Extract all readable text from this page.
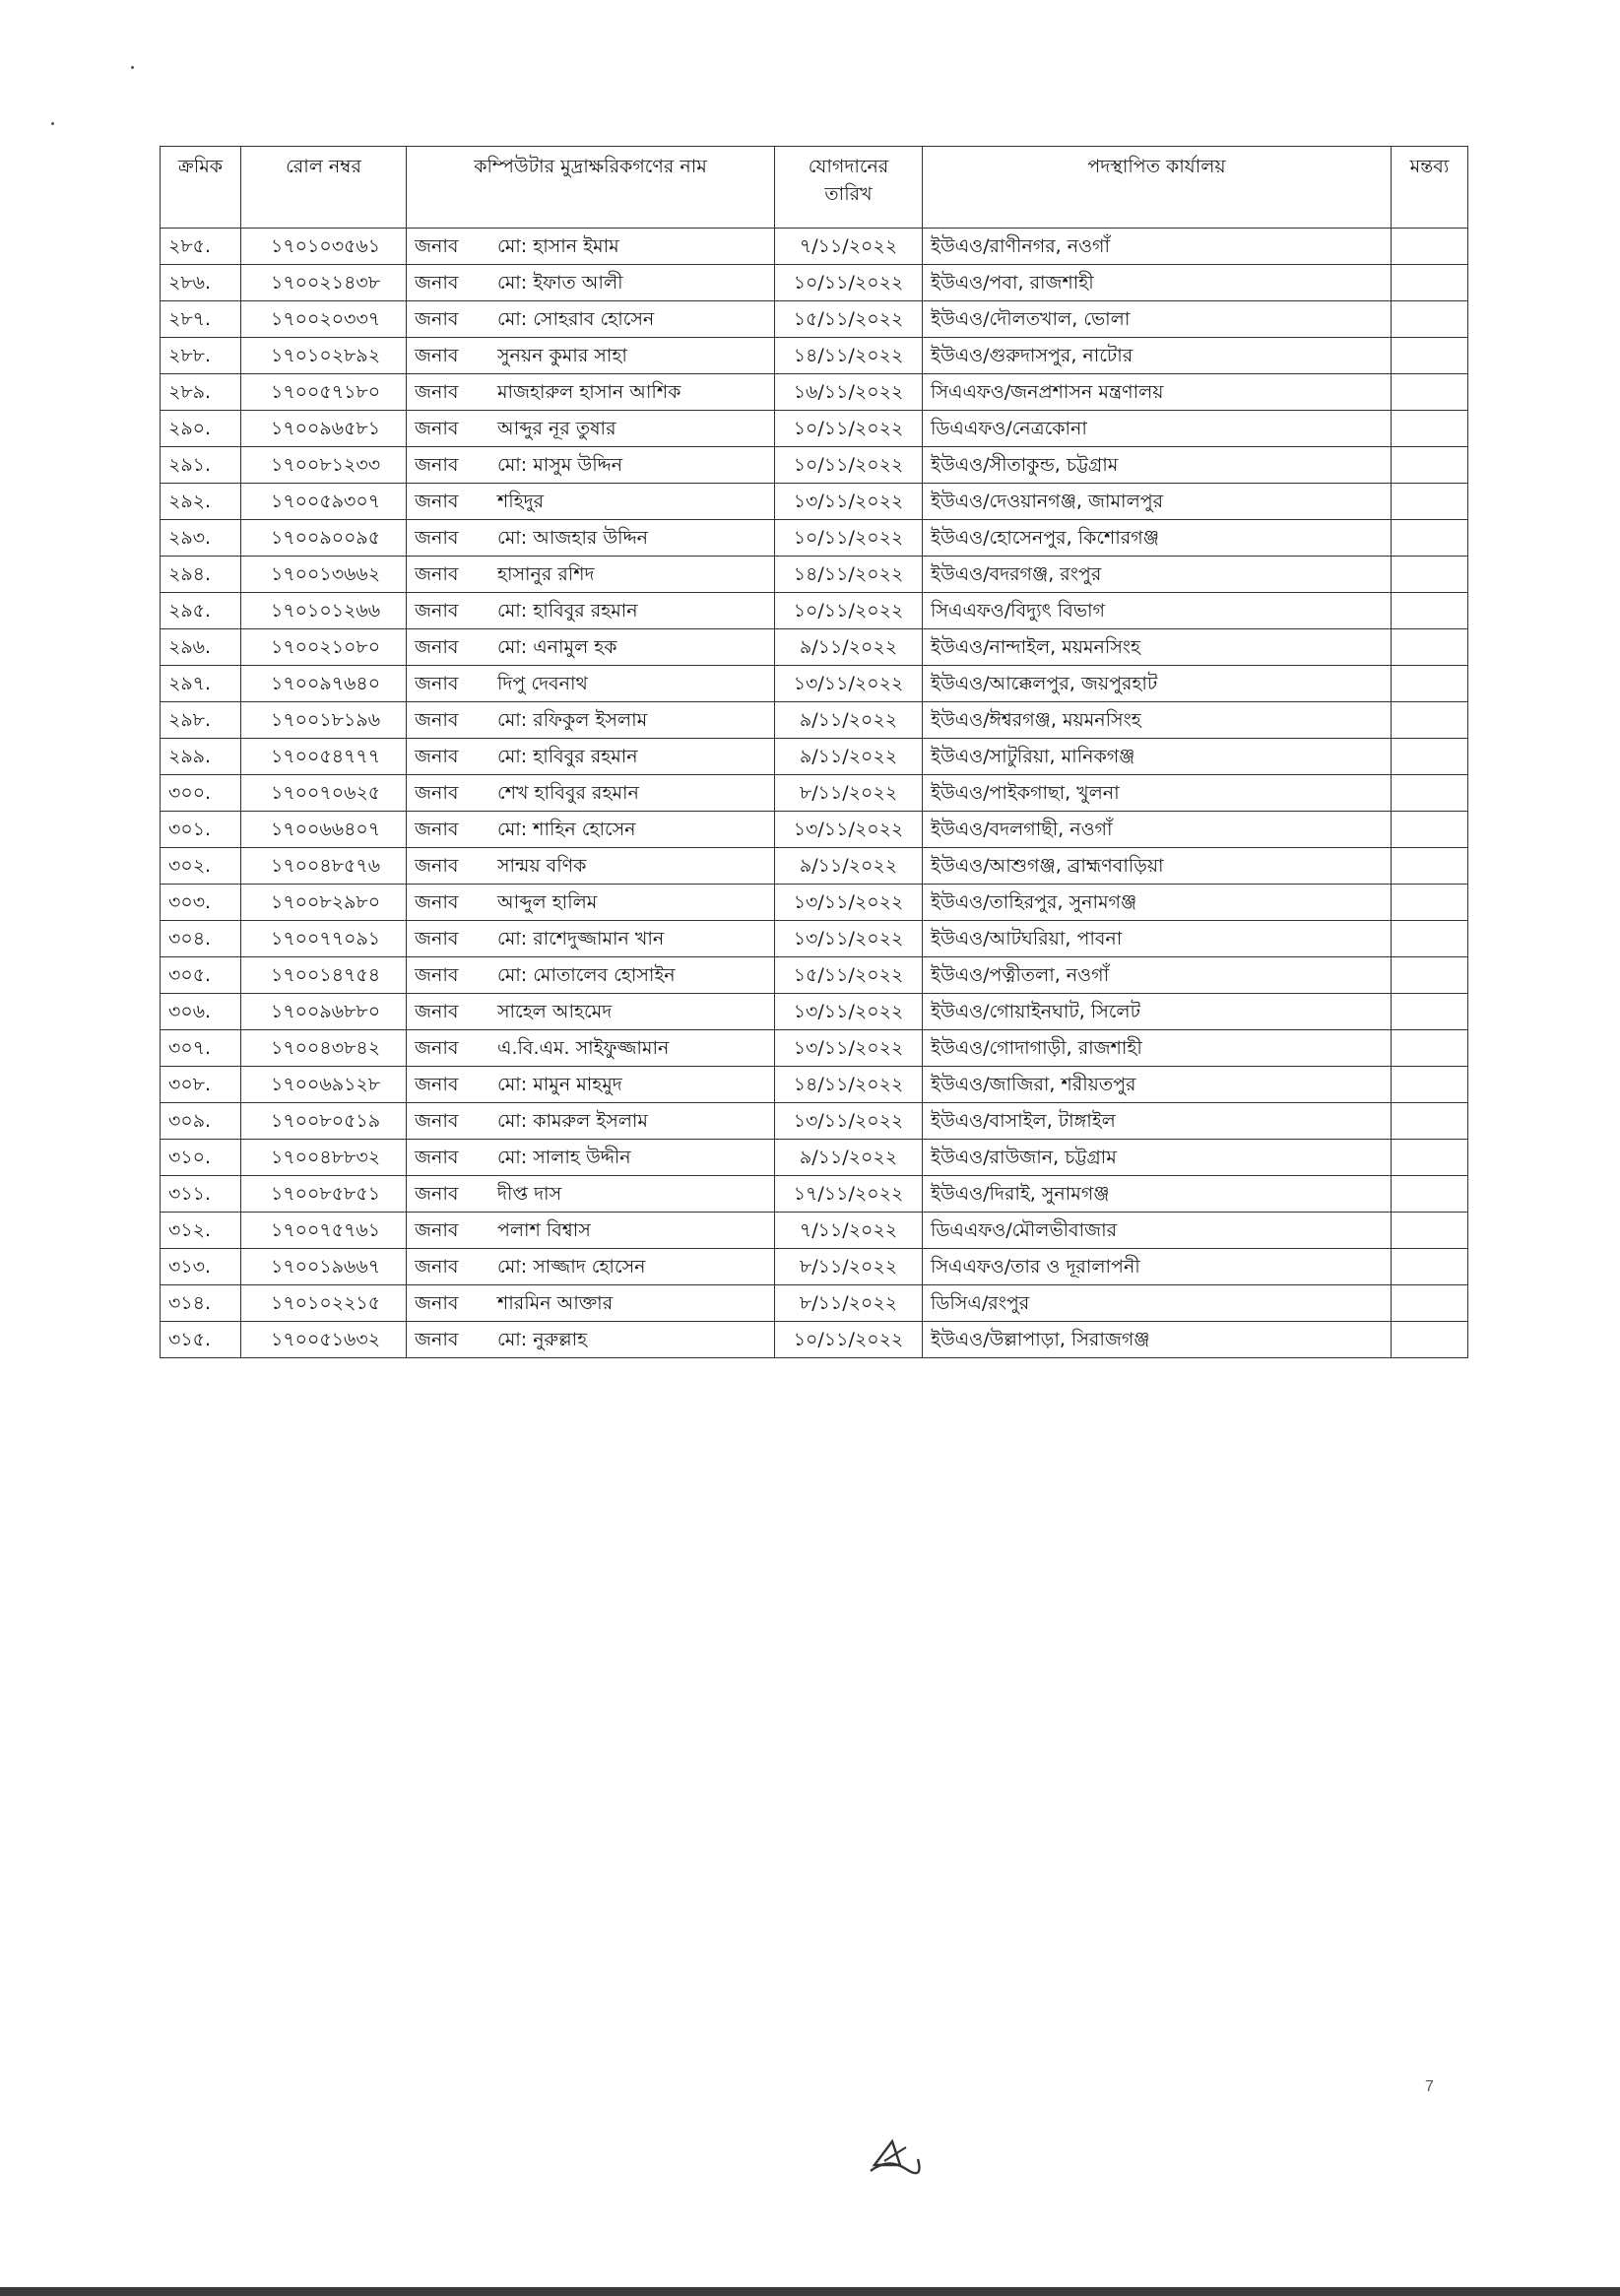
ক্রমিক	রোল নম্বর	কম্পিউটার মুদ্রাক্ষরিকগণের নাম	যোগদানের তারিখ	পদস্থাপিত কার্যালয়	মন্তব্য
২৮৫.	১৭০১০৩৫৬১	জনাব মো: হাসান ইমাম	৭/১১/২০২২	ইউএও/রাণীনগর, নওগাঁ	
২৮৬.	১৭০০২১৪৩৮	জনাব মো: ইফাত আলী	১০/১১/২০২২	ইউএও/পবা, রাজশাহী	
২৮৭.	১৭০০২০৩৩৭	জনাব মো: সোহরাব হোসেন	১৫/১১/২০২২	ইউএও/দৌলতখাল, ভোলা	
২৮৮.	১৭০১০২৮৯২	জনাব সুনয়ন কুমার সাহা	১৪/১১/২০২২	ইউএও/গুরুদাসপুর, নাটোর	
২৮৯.	১৭০০৫৭১৮০	জনাব মাজহারুল হাসান আশিক	১৬/১১/২০২২	সিএএফও/জনপ্রশাসন মন্ত্রণালয়	
২৯০.	১৭০০৯৬৫৮১	জনাব আব্দুর নূর তুষার	১০/১১/২০২২	ডিএএফও/নেত্রকোনা	
২৯১.	১৭০০৮১২৩৩	জনাব মো: মাসুম উদ্দিন	১০/১১/২০২২	ইউএও/সীতাকুন্ড, চট্টগ্রাম	
২৯২.	১৭০০৫৯৩০৭	জনাব শহিদুর	১৩/১১/২০২২	ইউএও/দেওয়ানগঞ্জ, জামালপুর	
২৯৩.	১৭০০৯০০৯৫	জনাব মো: আজহার উদ্দিন	১০/১১/২০২২	ইউএও/হোসেনপুর, কিশোরগঞ্জ	
২৯৪.	১৭০০১৩৬৬২	জনাব হাসানুর রশিদ	১৪/১১/২০২২	ইউএও/বদরগঞ্জ, রংপুর	
২৯৫.	১৭০১০১২৬৬	জনাব মো: হাবিবুর রহমান	১০/১১/২০২২	সিএএফও/বিদ্যুৎ বিভাগ	
২৯৬.	১৭০০২১০৮০	জনাব মো: এনামুল হক	৯/১১/২০২২	ইউএও/নান্দাইল, ময়মনসিংহ	
২৯৭.	১৭০০৯৭৬৪০	জনাব দিপু দেবনাথ	১৩/১১/২০২২	ইউএও/আক্কেলপুর, জয়পুরহাট	
২৯৮.	১৭০০১৮১৯৬	জনাব মো: রফিকুল ইসলাম	৯/১১/২০২২	ইউএও/ঈশ্বরগঞ্জ, ময়মনসিংহ	
২৯৯.	১৭০০৫৪৭৭৭	জনাব মো: হাবিবুর রহমান	৯/১১/২০২২	ইউএও/সাটুরিয়া, মানিকগঞ্জ	
৩০০.	১৭০০৭০৬২৫	জনাব শেখ হাবিবুর রহমান	৮/১১/২০২২	ইউএও/পাইকগাছা, খুলনা	
৩০১.	১৭০০৬৬৪০৭	জনাব মো: শাহিন হোসেন	১৩/১১/২০২২	ইউএও/বদলগাছী, নওগাঁ	
৩০২.	১৭০০৪৮৫৭৬	জনাব সান্ময় বণিক	৯/১১/২০২২	ইউএও/আশুগঞ্জ, ব্রাহ্মণবাড়িয়া	
৩০৩.	১৭০০৮২৯৮০	জনাব আব্দুল হালিম	১৩/১১/২০২২	ইউএও/তাহিরপুর, সুনামগঞ্জ	
৩০৪.	১৭০০৭৭০৯১	জনাব মো: রাশেদুজ্জামান খান	১৩/১১/২০২২	ইউএও/আটঘরিয়া, পাবনা	
৩০৫.	১৭০০১৪৭৫৪	জনাব মো: মোতালেব হোসাইন	১৫/১১/২০২২	ইউএও/পত্নীতলা, নওগাঁ	
৩০৬.	১৭০০৯৬৮৮০	জনাব সাহেল আহমেদ	১৩/১১/২০২২	ইউএও/গোয়াইনঘাট, সিলেট	
৩০৭.	১৭০০৪৩৮৪২	জনাব এ.বি.এম. সাইফুজ্জামান	১৩/১১/২০২২	ইউএও/গোদাগাড়ী, রাজশাহী	
৩০৮.	১৭০০৬৯১২৮	জনাব মো: মামুন মাহমুদ	১৪/১১/২০২২	ইউএও/জাজিরা, শরীয়তপুর	
৩০৯.	১৭০০৮০৫১৯	জনাব মো: কামরুল ইসলাম	১৩/১১/২০২২	ইউএও/বাসাইল, টাঙ্গাইল	
৩১০.	১৭০০৪৮৮৩২	জনাব মো: সালাহ উদ্দীন	৯/১১/২০২২	ইউএও/রাউজান, চট্টগ্রাম	
৩১১.	১৭০০৮৫৮৫১	জনাব দীপ্ত দাস	১৭/১১/২০২২	ইউএও/দিরাই, সুনামগঞ্জ	
৩১২.	১৭০০৭৫৭৬১	জনাব পলাশ বিশ্বাস	৭/১১/২০২২	ডিএএফও/মৌলভীবাজার	
৩১৩.	১৭০০১৯৬৬৭	জনাব মো: সাজ্জাদ হোসেন	৮/১১/২০২২	সিএএফও/তার ও দূরালাপনী	
৩১৪.	১৭০১০২২১৫	জনাব শারমিন আক্তার	৮/১১/২০২২	ডিসিএ/রংপুর	
৩১৫.	১৭০০৫১৬৩২	জনাব মো: নুরুল্লাহ	১০/১১/২০২২	ইউএও/উল্লাপাড়া, সিরাজগঞ্জ	
7
